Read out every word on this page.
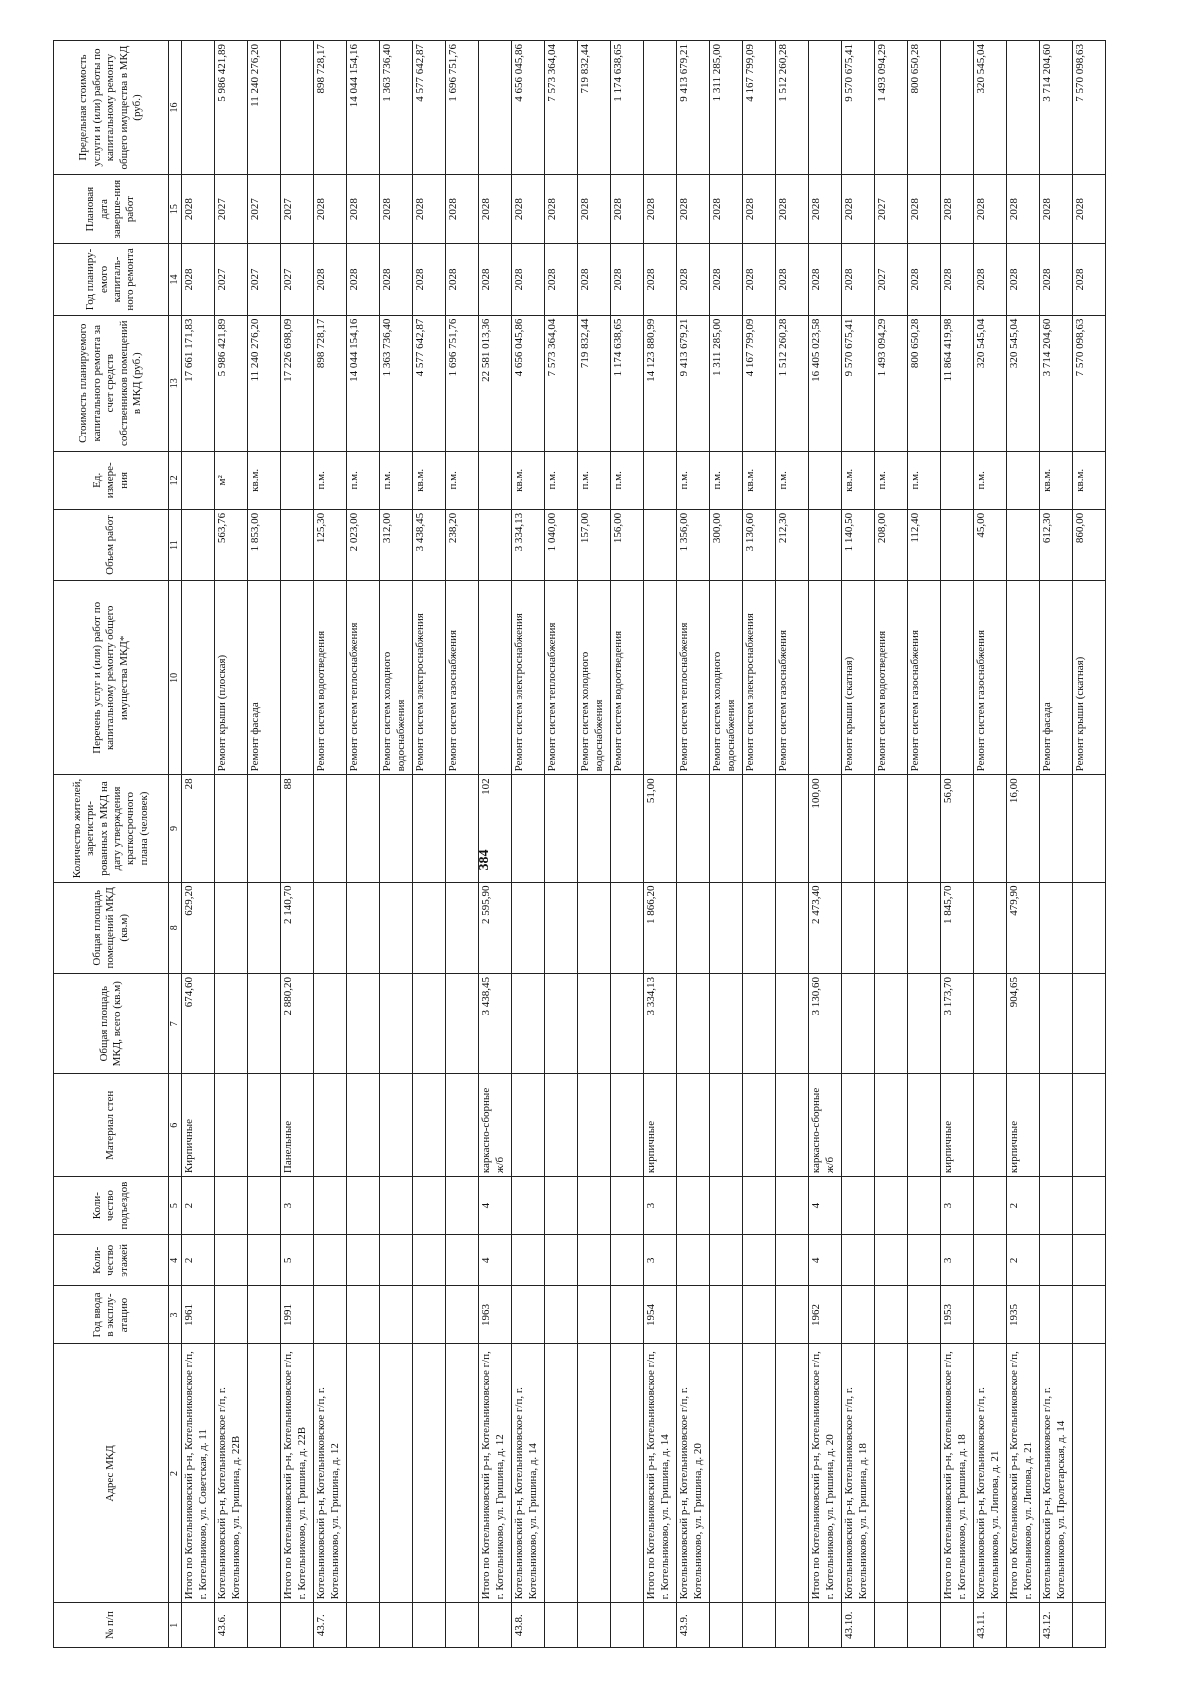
384
№ п/п	Адрес МКД	Год ввода в эксплу-атацию	Коли-чество этажей	Коли-чество подъездов	Материал стен	Общая площадь МКД, всего (кв.м)	Общая площадь помещений МКД (кв.м)	Количество жителей, зарегистри-рованных в МКД на дату утверждения краткосрочного плана (человек)	Перечень услуг и (или) работ по капитальному ремонту общего имущества МКД*	Объем работ	Ед. измере-ния	Стоимость планируемого капитального ремонта за счет средств собственников помещений в МКД (руб.)	Год планиру-емого капиталь-ного ремонта	Плановая дата заверше-ния работ	Предельная стоимость услуги и (или) работы по капитальному ремонту общего имущества в МКД (руб.)
1	2	3	4	5	6	7	8	9	10	11	12	13	14	15	16
	Итого по Котельниковский р-н, Котельниковское г/п, г. Котельниково, ул. Советская, д. 11	1961	2	2	Кирпичные	674,60	629,20	28				17 661 171,83	2028	2028	
43.6.	Котельниковский р-н, Котельниковское г/п, г. Котельниково, ул. Гришина, д. 22В								Ремонт крыши (плоская)	563,76	м²	5 986 421,89	2027	2027	5 986 421,89
									Ремонт фасада	1 853,00	кв.м.	11 240 276,20	2027	2027	11 240 276,20
	Итого по Котельниковский р-н, Котельниковское г/п, г. Котельниково, ул. Гришина, д. 22В	1991	5	3	Панельные	2 880,20	2 140,70	88				17 226 698,09	2027	2027	
43.7.	Котельниковский р-н, Котельниковское г/п, г. Котельниково, ул. Гришина, д. 12								Ремонт систем водоотведения	125,30	п.м.	898 728,17	2028	2028	898 728,17
									Ремонт систем теплоснабжения	2 023,00	п.м.	14 044 154,16	2028	2028	14 044 154,16
									Ремонт систем холодного водоснабжения	312,00	п.м.	1 363 736,40	2028	2028	1 363 736,40
									Ремонт систем электроснабжения	3 438,45	кв.м.	4 577 642,87	2028	2028	4 577 642,87
									Ремонт систем газоснабжения	238,20	п.м.	1 696 751,76	2028	2028	1 696 751,76
	Итого по Котельниковский р-н, Котельниковское г/п, г. Котельниково, ул. Гришина, д. 12	1963	4	4	каркасно-сборные ж/б	3 438,45	2 595,90	102				22 581 013,36	2028	2028	
43.8.	Котельниковский р-н, Котельниковское г/п, г. Котельниково, ул. Гришина, д. 14								Ремонт систем электроснабжения	3 334,13	кв.м.	4 656 045,86	2028	2028	4 656 045,86
									Ремонт систем теплоснабжения	1 040,00	п.м.	7 573 364,04	2028	2028	7 573 364,04
									Ремонт систем холодного водоснабжения	157,00	п.м.	719 832,44	2028	2028	719 832,44
									Ремонт систем водоотведения	156,00	п.м.	1 174 638,65	2028	2028	1 174 638,65
	Итого по Котельниковский р-н, Котельниковское г/п, г. Котельниково, ул. Гришина, д. 14	1954	3	3	кирпичные	3 334,13	1 866,20	51,00				14 123 880,99	2028	2028	
43.9.	Котельниковский р-н, Котельниковское г/п, г. Котельниково, ул. Гришина, д. 20								Ремонт систем теплоснабжения	1 356,00	п.м.	9 413 679,21	2028	2028	9 413 679,21
									Ремонт систем холодного водоснабжения	300,00	п.м.	1 311 285,00	2028	2028	1 311 285,00
									Ремонт систем электроснабжения	3 130,60	кв.м.	4 167 799,09	2028	2028	4 167 799,09
									Ремонт систем газоснабжения	212,30	п.м.	1 512 260,28	2028	2028	1 512 260,28
	Итого по Котельниковский р-н, Котельниковское г/п, г. Котельниково, ул. Гришина, д. 20	1962	4	4	каркасно-сборные ж/б	3 130,60	2 473,40	100,00				16 405 023,58	2028	2028	
43.10.	Котельниковский р-н, Котельниковское г/п, г. Котельниково, ул. Гришина, д. 18								Ремонт крыши (скатная)	1 140,50	кв.м.	9 570 675,41	2028	2028	9 570 675,41
									Ремонт систем водоотведения	208,00	п.м.	1 493 094,29	2027	2027	1 493 094,29
									Ремонт систем газоснабжения	112,40	п.м.	800 650,28	2028	2028	800 650,28
	Итого по Котельниковский р-н, Котельниковское г/п, г. Котельниково, ул. Гришина, д. 18	1953	3	3	кирпичные	3 173,70	1 845,70	56,00				11 864 419,98	2028	2028	
43.11.	Котельниковский р-н, Котельниковское г/п, г. Котельниково, ул. Липова, д. 21								Ремонт систем газоснабжения	45,00	п.м.	320 545,04	2028	2028	320 545,04
	Итого по Котельниковский р-н, Котельниковское г/п, г. Котельниково, ул. Липова, д. 21	1935	2	2	кирпичные	904,65	479,90	16,00				320 545,04	2028	2028	
43.12.	Котельниковский р-н, Котельниковское г/п, г. Котельниково, ул. Пролетарская, д. 14								Ремонт фасада	612,30	кв.м.	3 714 204,60	2028	2028	3 714 204,60
									Ремонт крыши (скатная)	860,00	кв.м.	7 570 098,63	2028	2028	7 570 098,63
